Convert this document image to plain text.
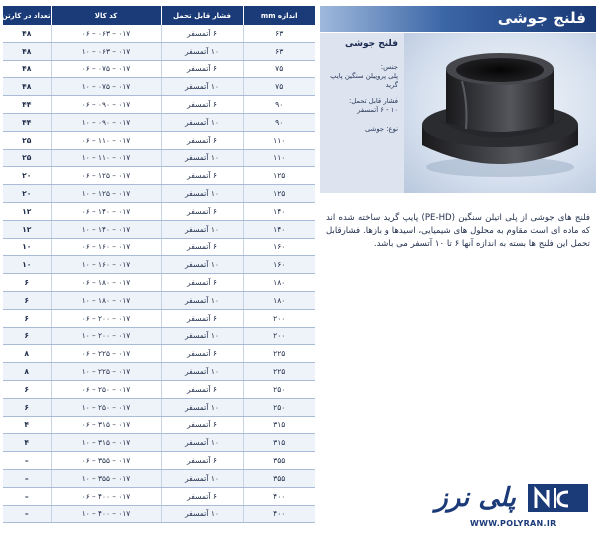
تعداد در کارتن	کد کالا	فشار قابل تحمل	اندازه mm
۴۸	۰۶ – ۰۶۳ – ۰۱۷	۶ آتمسفر	۶۳
۴۸	۱۰ – ۰۶۳ – ۰۱۷	۱۰ آتمسفر	۶۳
۴۸	۰۶ – ۰۷۵ – ۰۱۷	۶ آتمسفر	۷۵
۴۸	۱۰ – ۰۷۵ – ۰۱۷	۱۰ آتمسفر	۷۵
۴۴	۰۶ – ۰۹۰ – ۰۱۷	۶ آتمسفر	۹۰
۴۴	۱۰ – ۰۹۰ – ۰۱۷	۱۰ آتمسفر	۹۰
۲۵	۰۶ – ۱۱۰ – ۰۱۷	۶ آتمسفر	۱۱۰
۲۵	۱۰ – ۱۱۰ – ۰۱۷	۱۰ آتمسفر	۱۱۰
۲۰	۰۶ – ۱۲۵ – ۰۱۷	۶ آتمسفر	۱۲۵
۲۰	۱۰ – ۱۲۵ – ۰۱۷	۱۰ آتمسفر	۱۲۵
۱۲	۰۶ – ۱۴۰ – ۰۱۷	۶ آتمسفر	۱۴۰
۱۲	۱۰ – ۱۴۰ – ۰۱۷	۱۰ آتمسفر	۱۴۰
۱۰	۰۶ – ۱۶۰ – ۰۱۷	۶ آتمسفر	۱۶۰
۱۰	۱۰ – ۱۶۰ – ۰۱۷	۱۰ آتمسفر	۱۶۰
۶	۰۶ – ۱۸۰ – ۰۱۷	۶ آتمسفر	۱۸۰
۶	۱۰ – ۱۸۰ – ۰۱۷	۱۰ آتمسفر	۱۸۰
۶	۰۶ – ۲۰۰ – ۰۱۷	۶ آتمسفر	۲۰۰
۶	۱۰ – ۲۰۰ – ۰۱۷	۱۰ آتمسفر	۲۰۰
۸	۰۶ – ۲۲۵ – ۰۱۷	۶ آتمسفر	۲۲۵
۸	۱۰ – ۲۲۵ – ۰۱۷	۱۰ آتمسفر	۲۲۵
۶	۰۶ – ۲۵۰ – ۰۱۷	۶ آتمسفر	۲۵۰
۶	۱۰ – ۲۵۰ – ۰۱۷	۱۰ آتمسفر	۲۵۰
۴	۰۶ – ۳۱۵ – ۰۱۷	۶ آتمسفر	۳۱۵
۴	۱۰ – ۳۱۵ – ۰۱۷	۱۰ آتمسفر	۳۱۵
–	۰۶ – ۳۵۵ – ۰۱۷	۶ آتمسفر	۳۵۵
–	۱۰ – ۳۵۵ – ۰۱۷	۱۰ آتمسفر	۳۵۵
–	۰۶ – ۴۰۰ – ۰۱۷	۶ آتمسفر	۴۰۰
–	۱۰ – ۴۰۰ – ۰۱۷	۱۰ آتمسفر	۴۰۰
فلنج جوشی
فلنج جوشی
جنس:
پلی پروپیلن سنگین پایپ گرید
فشار قابل تحمل:
۱۰ - ۶ آتمسفر
نوع: جوشی

فلنج های جوشی از پلی اتیلن سنگین (PE-HD) پایپ گرید ساخته شده اند که ماده ای است مقاوم به محلول های شیمیایی، اسیدها و بازها. فشارقابل تحمل این فلنج ها بسته به اندازه آنها ۶ تا ۱۰ آتسفر می باشد.

پلی نرز
WWW.POLYRAN.IR
